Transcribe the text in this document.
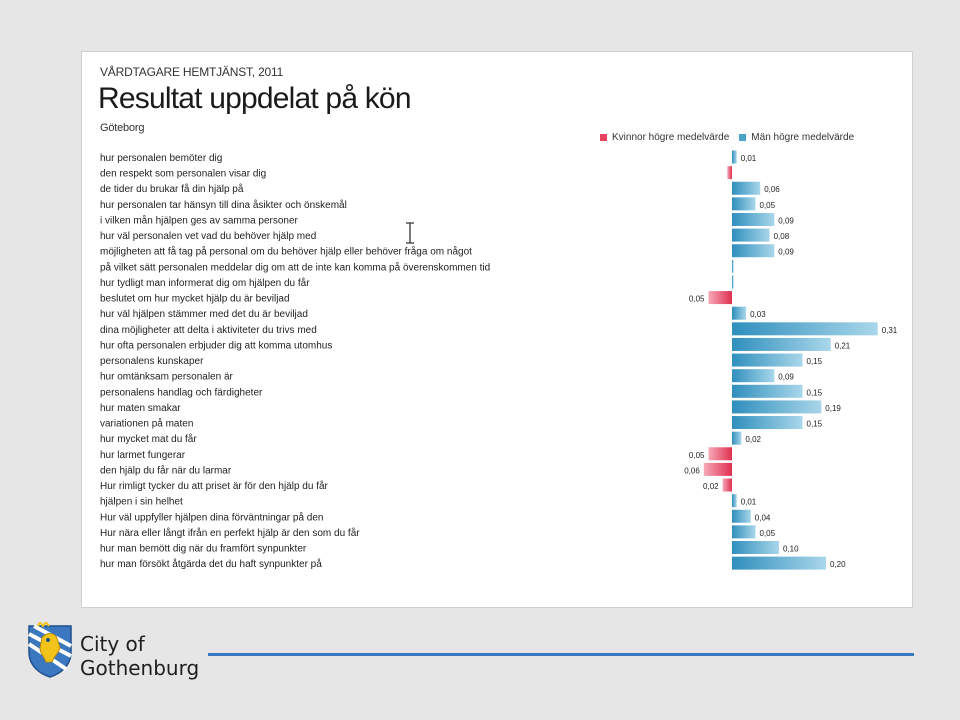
VÅRDTAGARE HEMTJÄNST, 2011
Resultat uppdelat på kön
Göteborg
Kvinnor högre medelvärde Män högre medelvärde
hur personalen bemöter dig	0,01
den respekt som personalen visar dig
de tider du brukar få din hjälp på	0,06
hur personalen tar hänsyn till dina åsikter och önskemål	0,05
i vilken mån hjälpen ges av samma personer	0,09
hur väl personalen vet vad du behöver hjälp med	0,08
möjligheten att få tag på personal om du behöver hjälp eller behöver fråga om något	0,09
på vilket sätt personalen meddelar dig om att de inte kan komma på överenskommen tid
hur tydligt man informerat dig om hjälpen du får
beslutet om hur mycket hjälp du är beviljad	0,05
hur väl hjälpen stämmer med det du är beviljad	0,03
dina möjligheter att delta i aktiviteter du trivs med	0,31
hur ofta personalen erbjuder dig att komma utomhus	0,21
personalens kunskaper	0,15
hur omtänksam personalen är	0,09
personalens handlag och färdigheter	0,15
hur maten smakar	0,19
variationen på maten	0,15
hur mycket mat du får	0,02
hur larmet fungerar	0,05
den hjälp du får när du larmar	0,06
Hur rimligt tycker du att priset är för den hjälp du får	0,02
hjälpen i sin helhet	0,01
Hur väl uppfyller hjälpen dina förväntningar på den	0,04
Hur nära eller långt ifrån en perfekt hjälp är den som du får	0,05
hur man bemött dig när du framfört synpunkter	0,10
hur man försökt åtgärda det du haft synpunkter på	0,20
City of
Gothenburg
